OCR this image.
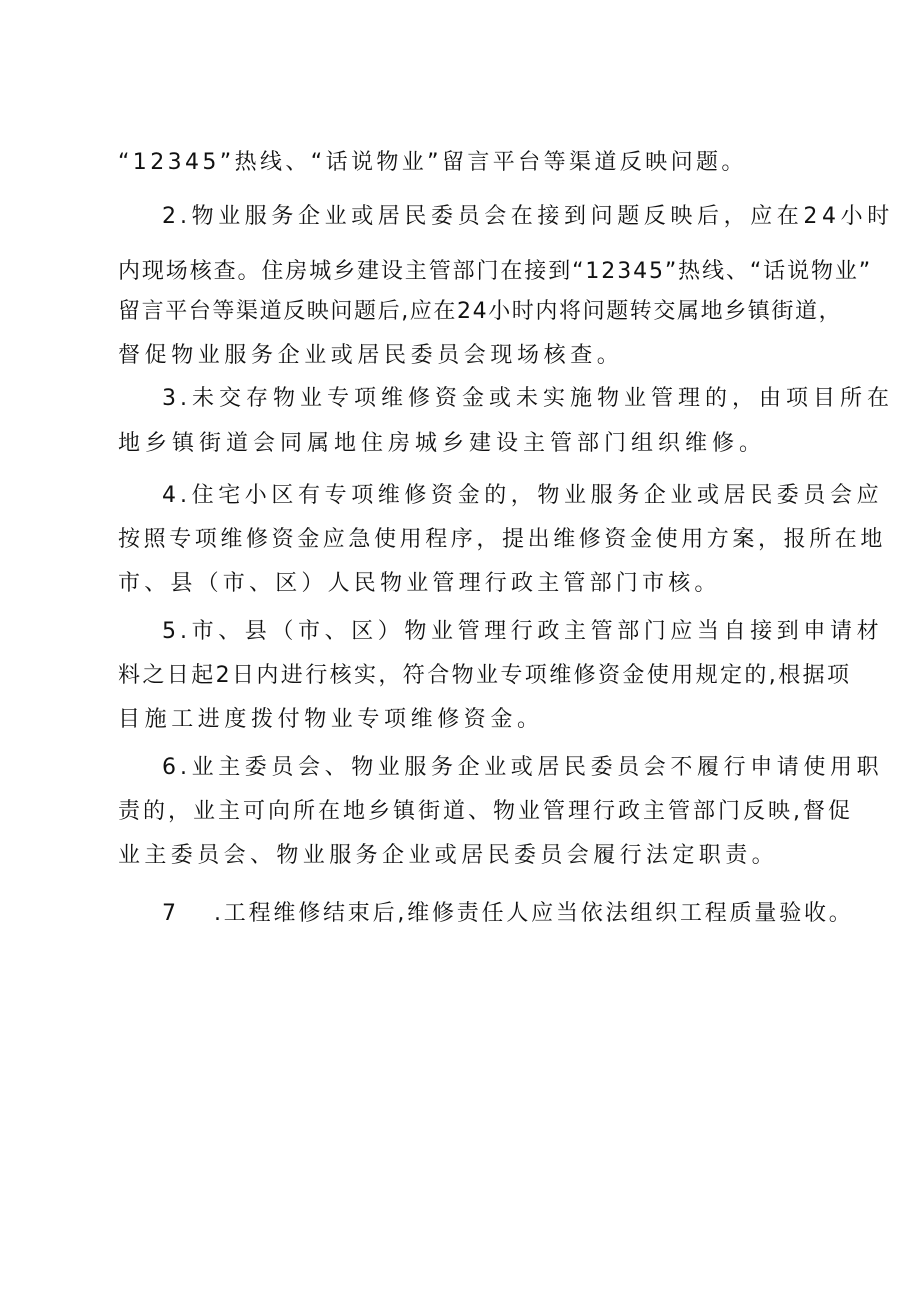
“12345”热线、“话说物业”留言平台等渠道反映问题。
2 .物业服务企业或居民委员会在接到问题反映后，应在24小时
内现场核查。住房城乡建设主管部门在接到“12345”热线、“话说物业”
留言平台等渠道反映问题后,应在24小时内将问题转交属地乡镇街道，
督促物业服务企业或居民委员会现场核查。
3 .未交存物业专项维修资金或未实施物业管理的，由项目所在
地乡镇街道会同属地住房城乡建设主管部门组织维修。
4 .住宅小区有专项维修资金的，物业服务企业或居民委员会应
按照专项维修资金应急使用程序，提出维修资金使用方案，报所在地
市、县（市、区）人民物业管理行政主管部门市核。
5 .市、县（市、区）物业管理行政主管部门应当自接到申请材
料之日起2日内进行核实，符合物业专项维修资金使用规定的,根据项
目施工进度拨付物业专项维修资金。
6 .业主委员会、物业服务企业或居民委员会不履行申请使用职
责的，业主可向所在地乡镇街道、物业管理行政主管部门反映,督促
业主委员会、物业服务企业或居民委员会履行法定职责。
7 .工程维修结束后,维修责任人应当依法组织工程质量验收。
